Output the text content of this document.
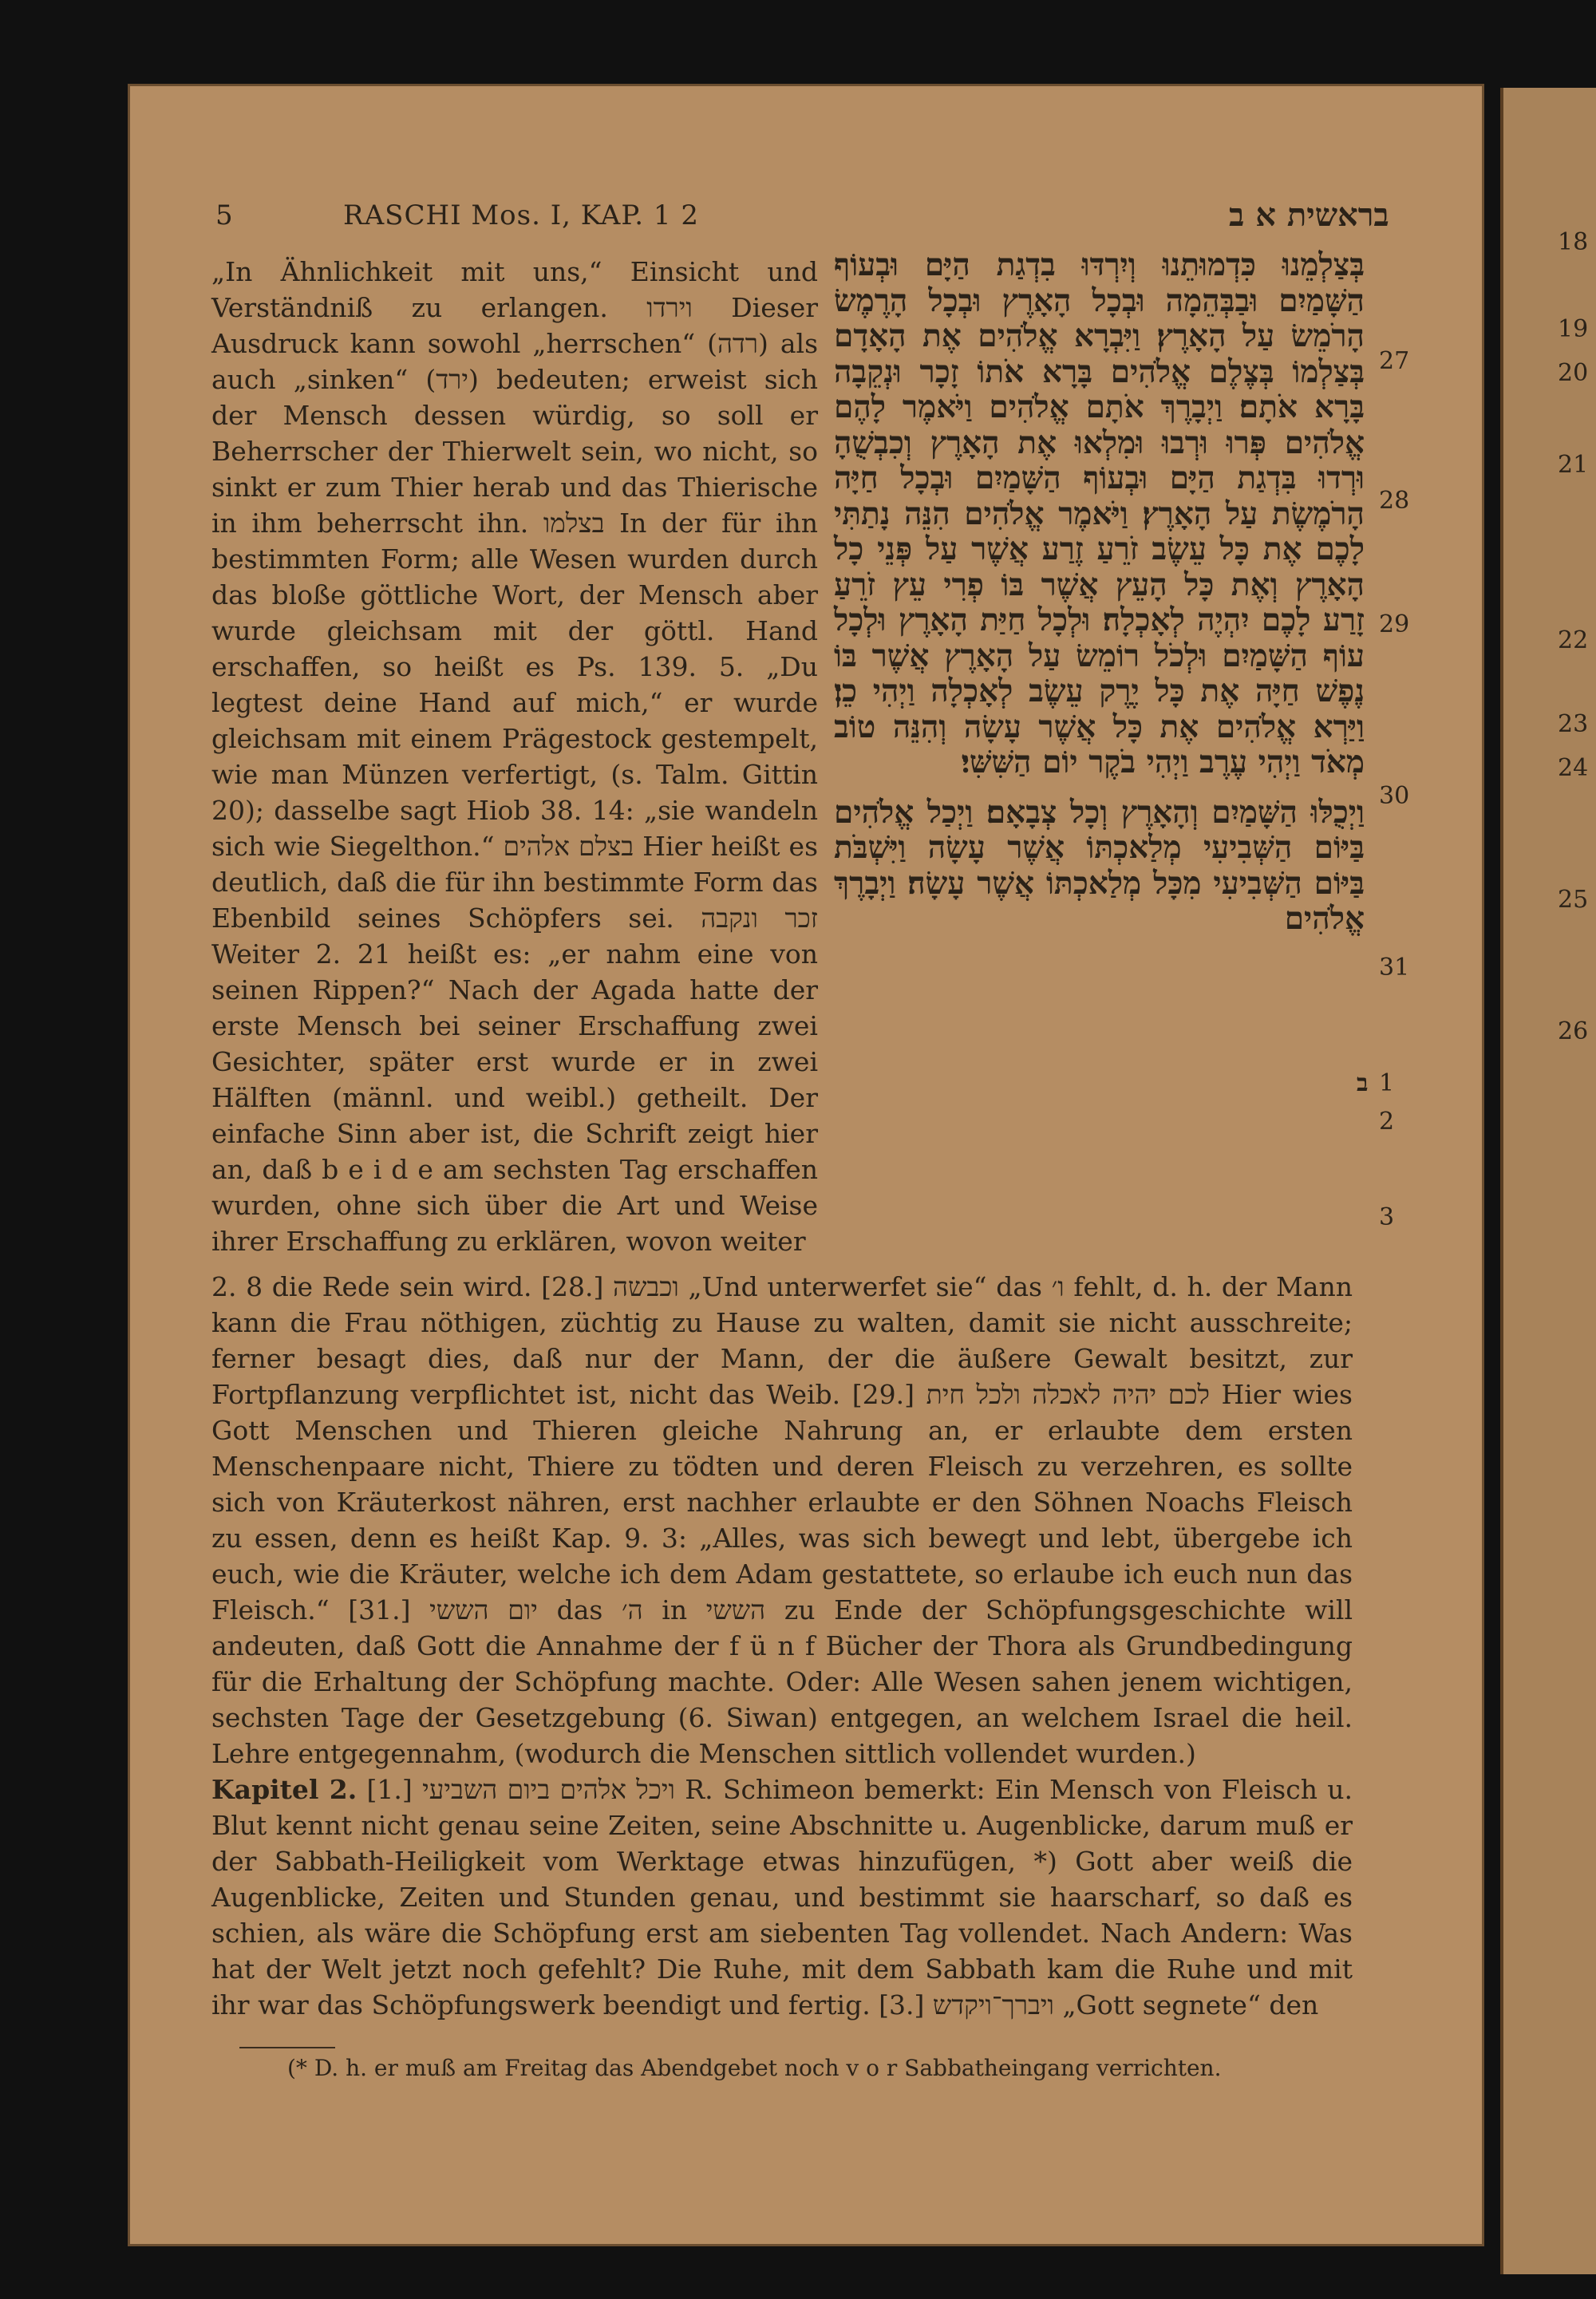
5	RASCHI Mos. I, KAP. 1 2	בראשית א ב
„In Ähnlichkeit mit uns,“ Einsicht und Verständniß zu erlangen. וירדו Dieser Ausdruck kann sowohl „herrschen“ (רדה) als auch „sinken“ (ירד) bedeuten; erweist sich der Mensch dessen würdig, so soll er Beherrscher der Thierwelt sein, wo nicht, so sinkt er zum Thier herab und das Thierische in ihm beherrscht ihn. בצלמו In der für ihn bestimmten Form; alle Wesen wurden durch das bloße göttliche Wort, der Mensch aber wurde gleichsam mit der göttl. Hand erschaffen, so heißt es Ps. 139. 5. „Du legtest deine Hand auf mich,“ er wurde gleichsam mit einem Prägestock gestempelt, wie man Münzen verfertigt, (s. Talm. Gittin 20); dasselbe sagt Hiob 38. 14: „sie wandeln sich wie Siegelthon.“ בצלם אלהים Hier heißt es deutlich, daß die für ihn bestimmte Form das Ebenbild seines Schöpfers sei. זכר ונקבה Weiter 2. 21 heißt es: „er nahm eine von seinen Rippen?“ Nach der Agada hatte der erste Mensch bei seiner Erschaffung zwei Gesichter, später erst wurde er in zwei Hälften (männl. und weibl.) getheilt. Der einfache Sinn aber ist, die Schrift zeigt hier an, daß b e i d e am sechsten Tag erschaffen wurden, ohne sich über die Art und Weise ihrer Erschaffung zu erklären, wovon weiter

בְּצַלְמֵנוּ כִּדְמוּתֵנוּ וְיִרְדּוּ בִדְגַת הַיָּם וּבְעוֹף הַשָּׁמַיִם וּבַבְּהֵמָה וּבְכָל הָאָרֶץ וּבְכָל הָרֶמֶשׂ הָרֹמֵשׂ עַל הָאָרֶץ׃ וַיִּבְרָא אֱלֹהִים אֶת הָאָדָם בְּצַלְמוֹ בְּצֶלֶם אֱלֹהִים בָּרָא אֹתוֹ זָכָר וּנְקֵבָה בָּרָא אֹתָם׃ וַיְבָרֶךְ אֹתָם אֱלֹהִים וַיֹּאמֶר לָהֶם אֱלֹהִים פְּרוּ וּרְבוּ וּמִלְאוּ אֶת הָאָרֶץ וְכִבְשֻׁהָ וּרְדוּ בִּדְגַת הַיָּם וּבְעוֹף הַשָּׁמַיִם וּבְכָל חַיָּה הָרֹמֶשֶׂת עַל הָאָרֶץ׃ וַיֹּאמֶר אֱלֹהִים הִנֵּה נָתַתִּי לָכֶם אֶת כָּל עֵשֶׂב זֹרֵעַ זֶרַע אֲשֶׁר עַל פְּנֵי כָל הָאָרֶץ וְאֶת כָּל הָעֵץ אֲשֶׁר בּוֹ פְרִי עֵץ זֹרֵעַ זָרַע לָכֶם יִהְיֶה לְאָכְלָה׃ וּלְכָל חַיַּת הָאָרֶץ וּלְכָל עוֹף הַשָּׁמַיִם וּלְכֹל רוֹמֵשׂ עַל הָאָרֶץ אֲשֶׁר בּוֹ נֶפֶשׁ חַיָּה אֶת כָּל יֶרֶק עֵשֶׂב לְאָכְלָה וַיְהִי כֵן׃ וַיַּרְא אֱלֹהִים אֶת כָּל אֲשֶׁר עָשָׂה וְהִנֵּה טוֹב מְאֹד וַיְהִי עֶרֶב וַיְהִי בֹקֶר יוֹם הַשִּׁשִּׁי׃

וַיְכֻלּוּ הַשָּׁמַיִם וְהָאָרֶץ וְכָל צְבָאָם׃ וַיְכַל אֱלֹהִים בַּיּוֹם הַשְּׁבִיעִי מְלַאכְתּוֹ אֲשֶׁר עָשָׂה וַיִּשְׁבֹּת בַּיּוֹם הַשְּׁבִיעִי מִכָּל מְלַאכְתּוֹ אֲשֶׁר עָשָׂה׃ וַיְבָרֶךְ אֱלֹהִים

27
28
29
30
31
1
2
3
ב
18
19
20
21
22
23
24
25
26

2. 8 die Rede sein wird. [28.] וכבשה „Und unterwerfet sie“ das ו׳ fehlt, d. h. der Mann kann die Frau nöthigen, züchtig zu Hause zu walten, damit sie nicht ausschreite; ferner besagt dies, daß nur der Mann, der die äußere Gewalt besitzt, zur Fortpflanzung verpflichtet ist, nicht das Weib. [29.] לכם יהיה לאכלה ולכל חית Hier wies Gott Menschen und Thieren gleiche Nahrung an, er erlaubte dem ersten Menschenpaare nicht, Thiere zu tödten und deren Fleisch zu verzehren, es sollte sich von Kräuterkost nähren, erst nachher erlaubte er den Söhnen Noachs Fleisch zu essen, denn es heißt Kap. 9. 3: „Alles, was sich bewegt und lebt, übergebe ich euch, wie die Kräuter, welche ich dem Adam gestattete, so erlaube ich euch nun das Fleisch.“ [31.] יום הששי das ה׳ in הששי zu Ende der Schöpfungsgeschichte will andeuten, daß Gott die Annahme der f ü n f Bücher der Thora als Grundbedingung für die Erhaltung der Schöpfung machte. Oder: Alle Wesen sahen jenem wichtigen, sechsten Tage der Gesetzgebung (6. Siwan) entgegen, an welchem Israel die heil. Lehre entgegennahm, (wodurch die Menschen sittlich vollendet wurden.)

Kapitel 2. [1.] ויכל אלהים ביום השביעי R. Schimeon bemerkt: Ein Mensch von Fleisch u. Blut kennt nicht genau seine Zeiten, seine Abschnitte u. Augenblicke, darum muß er der Sabbath-Heiligkeit vom Werktage etwas hinzufügen, *) Gott aber weiß die Augenblicke, Zeiten und Stunden genau, und bestimmt sie haarscharf, so daß es schien, als wäre die Schöpfung erst am siebenten Tag vollendet. Nach Andern: Was hat der Welt jetzt noch gefehlt? Die Ruhe, mit dem Sabbath kam die Ruhe und mit ihr war das Schöpfungswerk beendigt und fertig. [3.] ויברך־ויקדש „Gott segnete“ den

(* D. h. er muß am Freitag das Abendgebet noch v o r Sabbatheingang verrichten.
